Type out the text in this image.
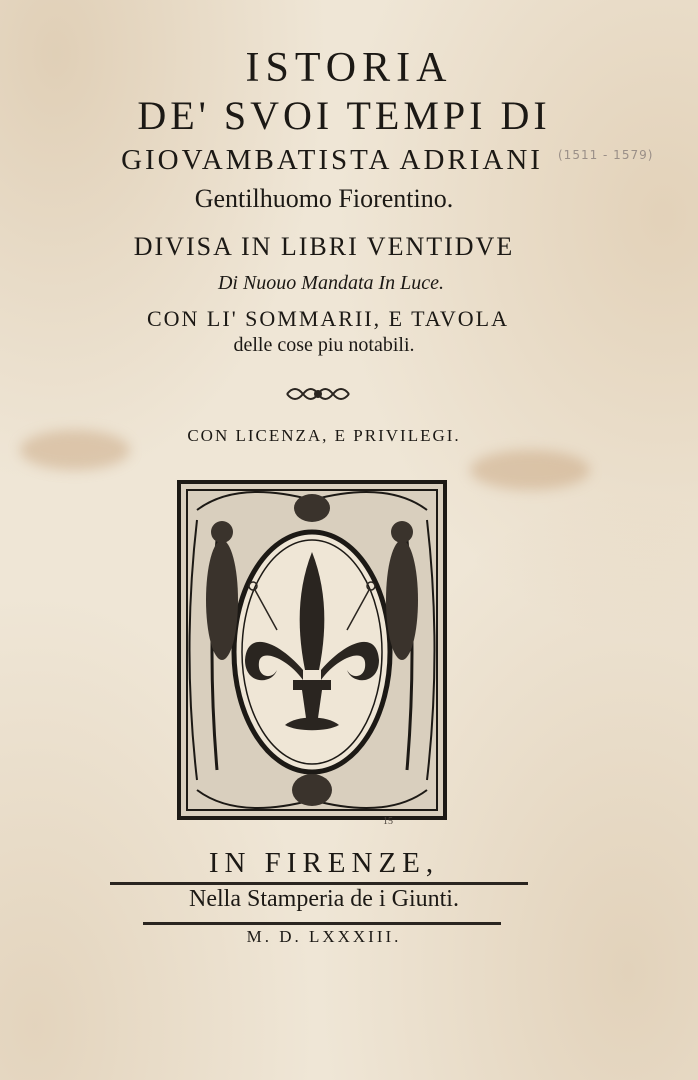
ISTORIA
DE' SVOI TEMPI DI
GIOVAMBATISTA ADRIANI	(1511 - 1579)
Gentilhuomo Fiorentino.
DIVISA IN LIBRI VENTIDVE
Di Nuouo Mandata In Luce.
CON LI' SOMMARII, E TAVOLA
delle cose piu notabili.
CON LICENZA, E PRIVILEGI.
15
IN FIRENZE,
Nella Stamperia de i Giunti.
M. D. LXXXIII.
